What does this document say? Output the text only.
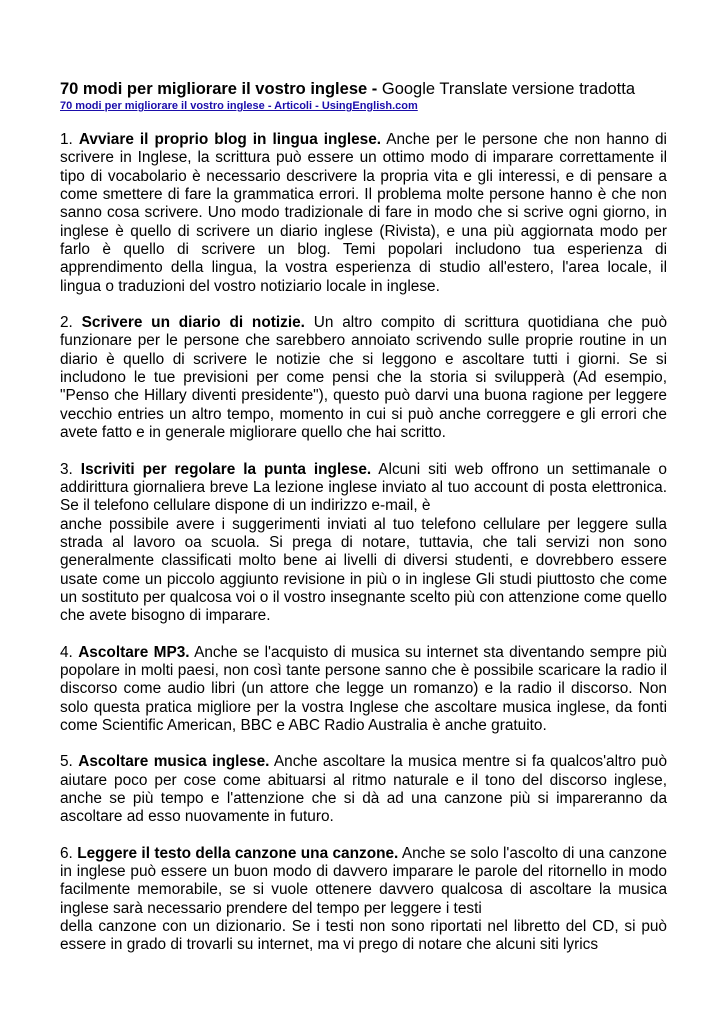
70 modi per migliorare il vostro inglese - Google Translate versione tradotta
70 modi per migliorare il vostro inglese - Articoli - UsingEnglish.com

1. Avviare il proprio blog in lingua inglese. Anche per le persone che non hanno di scrivere in Inglese, la scrittura può essere un ottimo modo di imparare correttamente il tipo di vocabolario è necessario descrivere la propria vita e gli interessi, e di pensare a come smettere di fare la grammatica errori. Il problema molte persone hanno è che non sanno cosa scrivere. Uno modo tradizionale di fare in modo che si scrive ogni giorno, in inglese è quello di scrivere un diario inglese (Rivista), e una più aggiornata modo per farlo è quello di scrivere un blog. Temi popolari includono tua esperienza di apprendimento della lingua, la vostra esperienza di studio all'estero, l'area locale, il lingua o traduzioni del vostro notiziario locale in inglese.

2. Scrivere un diario di notizie. Un altro compito di scrittura quotidiana che può funzionare per le persone che sarebbero annoiato scrivendo sulle proprie routine in un diario è quello di scrivere le notizie che si leggono e ascoltare tutti i giorni. Se si includono le tue previsioni per come pensi che la storia si svilupperà (Ad esempio, "Penso che Hillary diventi presidente"), questo può darvi una buona ragione per leggere vecchio entries un altro tempo, momento in cui si può anche correggere e gli errori che avete fatto e in generale migliorare quello che hai scritto.

3. Iscriviti per regolare la punta inglese. Alcuni siti web offrono un settimanale o addirittura giornaliera breve La lezione inglese inviato al tuo account di posta elettronica. Se il telefono cellulare dispone di un indirizzo e-mail, è

anche possibile avere i suggerimenti inviati al tuo telefono cellulare per leggere sulla strada al lavoro oa scuola. Si prega di notare, tuttavia, che tali servizi non sono generalmente classificati molto bene ai livelli di diversi studenti, e dovrebbero essere usate come un piccolo aggiunto revisione in più o in inglese Gli studi piuttosto che come un sostituto per qualcosa voi o il vostro insegnante scelto più con attenzione come quello che avete bisogno di imparare.

4. Ascoltare MP3. Anche se l'acquisto di musica su internet sta diventando sempre più popolare in molti paesi, non così tante persone sanno che è possibile scaricare la radio il discorso come audio libri (un attore che legge un romanzo) e la radio il discorso. Non solo questa pratica migliore per la vostra Inglese che ascoltare musica inglese, da fonti come Scientific American, BBC e ABC Radio Australia è anche gratuito.

5. Ascoltare musica inglese. Anche ascoltare la musica mentre si fa qualcos'altro può aiutare poco per cose come abituarsi al ritmo naturale e il tono del discorso inglese, anche se più tempo e l'attenzione che si dà ad una canzone più si impareranno da ascoltare ad esso nuovamente in futuro.

6. Leggere il testo della canzone una canzone. Anche se solo l'ascolto di una canzone in inglese può essere un buon modo di davvero imparare le parole del ritornello in modo facilmente memorabile, se si vuole ottenere davvero qualcosa di ascoltare la musica inglese sarà necessario prendere del tempo per leggere i testi

della canzone con un dizionario. Se i testi non sono riportati nel libretto del CD, si può essere in grado di trovarli su internet, ma vi prego di notare che alcuni siti lyrics
